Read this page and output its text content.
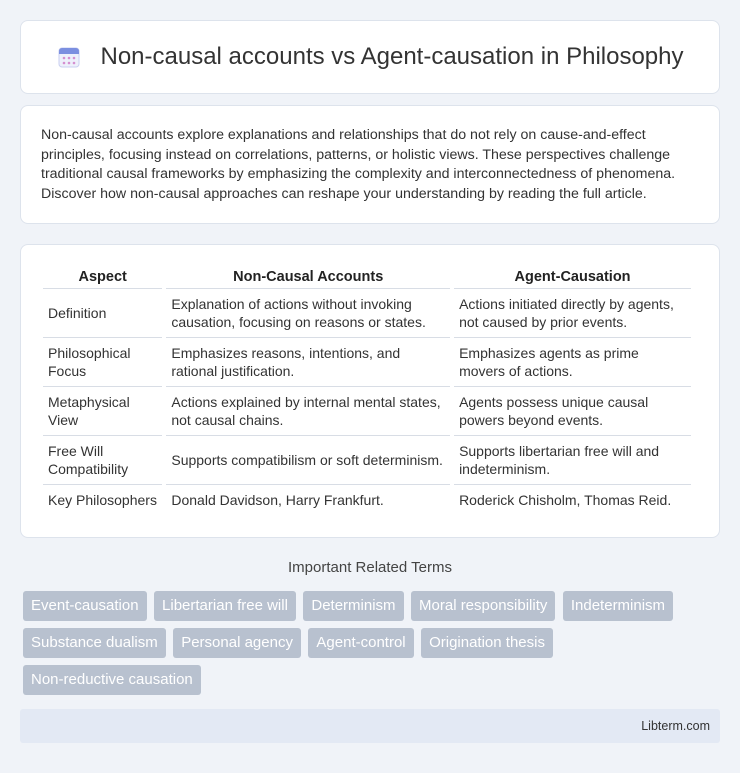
Non-causal accounts vs Agent-causation in Philosophy

Non-causal accounts explore explanations and relationships that do not rely on cause-and-effect principles, focusing instead on correlations, patterns, or holistic views. These perspectives challenge traditional causal frameworks by emphasizing the complexity and interconnectedness of phenomena. Discover how non-causal approaches can reshape your understanding by reading the full article.

Aspect	Non-Causal Accounts	Agent-Causation
Definition	Explanation of actions without invoking causation, focusing on reasons or states.	Actions initiated directly by agents, not caused by prior events.
Philosophical Focus	Emphasizes reasons, intentions, and rational justification.	Emphasizes agents as prime movers of actions.
Metaphysical View	Actions explained by internal mental states, not causal chains.	Agents possess unique causal powers beyond events.
Free Will Compatibility	Supports compatibilism or soft determinism.	Supports libertarian free will and indeterminism.
Key Philosophers	Donald Davidson, Harry Frankfurt.	Roderick Chisholm, Thomas Reid.
Important Related Terms
Event-causation Libertarian free will Determinism Moral responsibility Indeterminism Substance dualism Personal agency Agent-control Origination thesis Non-reductive causation
Libterm.com
